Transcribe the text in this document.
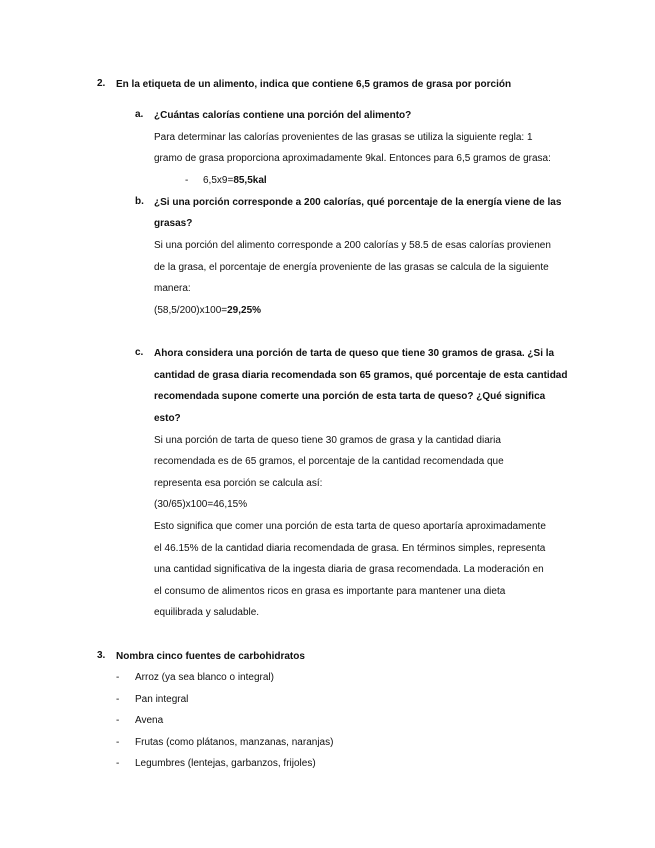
2. En la etiqueta de un alimento, indica que contiene 6,5 gramos de grasa por porción
a. ¿Cuántas calorías contiene una porción del alimento?
Para determinar las calorías provenientes de las grasas se utiliza la siguiente regla: 1
gramo de grasa proporciona aproximadamente 9kal. Entonces para 6,5 gramos de grasa:
- 6,5x9=85,5kal
b. ¿Si una porción corresponde a 200 calorías, qué porcentaje de la energía viene de las
grasas?
Si una porción del alimento corresponde a 200 calorías y 58.5 de esas calorías provienen
de la grasa, el porcentaje de energía proveniente de las grasas se calcula de la siguiente
manera:
(58,5/200)x100=29,25%
c. Ahora considera una porción de tarta de queso que tiene 30 gramos de grasa. ¿Si la
cantidad de grasa diaria recomendada son 65 gramos, qué porcentaje de esta cantidad
recomendada supone comerte una porción de esta tarta de queso? ¿Qué significa
esto?
Si una porción de tarta de queso tiene 30 gramos de grasa y la cantidad diaria
recomendada es de 65 gramos, el porcentaje de la cantidad recomendada que
representa esa porción se calcula así:
(30/65)x100=46,15%
Esto significa que comer una porción de esta tarta de queso aportaría aproximadamente
el 46.15% de la cantidad diaria recomendada de grasa. En términos simples, representa
una cantidad significativa de la ingesta diaria de grasa recomendada. La moderación en
el consumo de alimentos ricos en grasa es importante para mantener una dieta
equilibrada y saludable.
3. Nombra cinco fuentes de carbohidratos
- Arroz (ya sea blanco o integral)
- Pan integral
- Avena
- Frutas (como plátanos, manzanas, naranjas)
- Legumbres (lentejas, garbanzos, frijoles)
